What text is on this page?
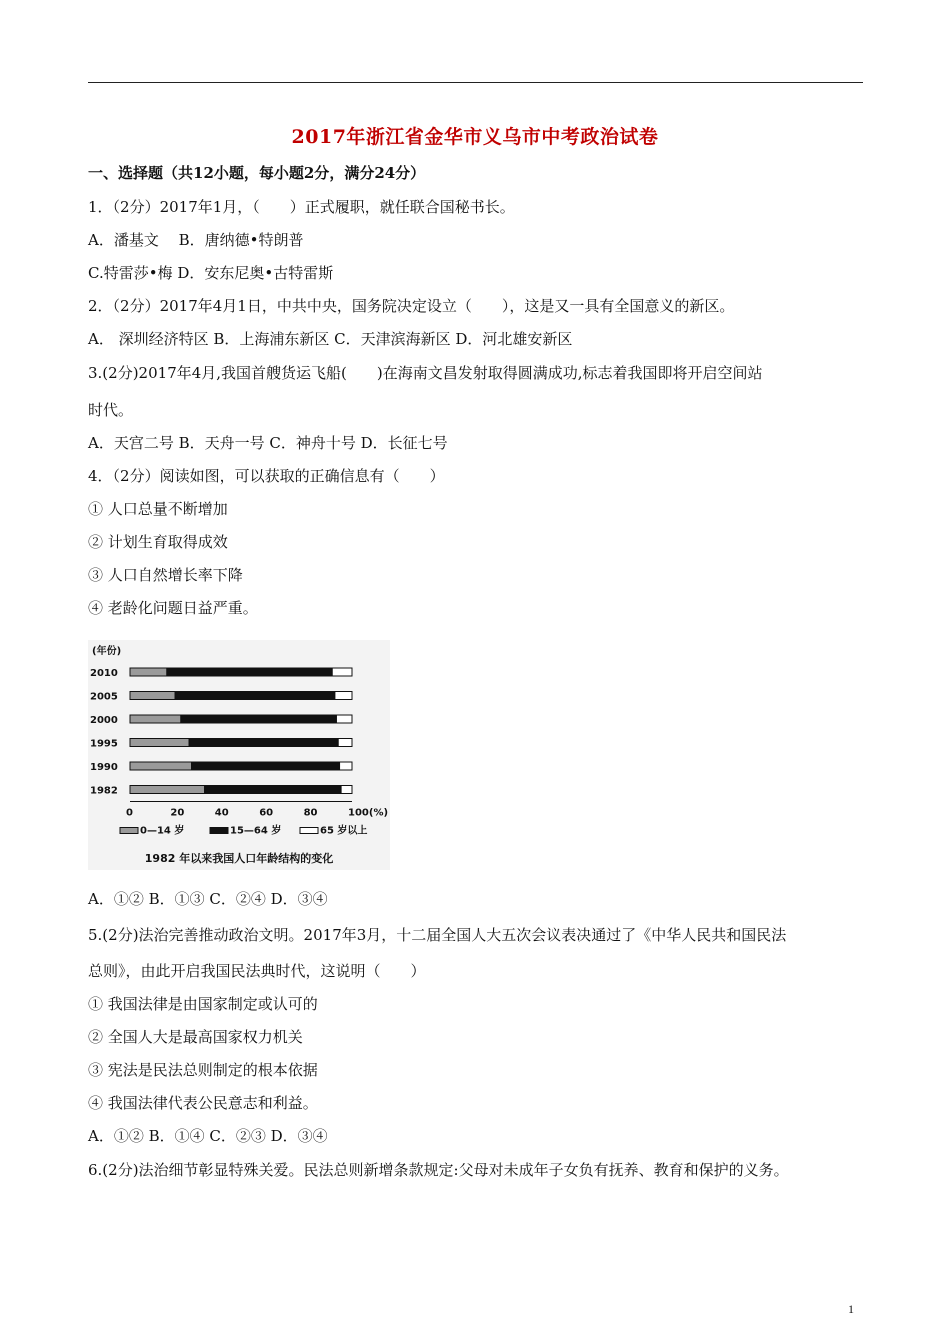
2017年浙江省金华市义乌市中考政治试卷
一、选择题（共12小题，每小题2分，满分24分）
1．（2分）2017年1月，（　　）正式履职，就任联合国秘书长。
A．潘基文　 B．唐纳德•特朗普
C.特雷莎•梅 D．安东尼奥•古特雷斯
2．（2分）2017年4月1日，中共中央，国务院决定设立（　　），这是又一具有全国意义的新区。
A． 深圳经济特区 B．上海浦东新区 C．天津滨海新区 D．河北雄安新区
3.(2分)2017年4月,我国首艘货运飞船(　　)在海南文昌发射取得圆满成功,标志着我国即将开启空间站
时代。
A．天宫二号 B．天舟一号 C．神舟十号 D．长征七号
4．（2分）阅读如图，可以获取的正确信息有（　　）
① 人口总量不断增加
② 计划生育取得成效
③ 人口自然增长率下降
④ 老龄化问题日益严重。
(年份)
2010
2005
2000
1995
1990
1982
0	20	40	60	80	100(%)
0—14 岁	15—64 岁	65 岁以上
1982 年以来我国人口年龄结构的变化
A．①② B．①③ C．②④ D．③④
5.(2分)法治完善推动政治文明。2017年3月，十二届全国人大五次会议表决通过了《中华人民共和国民法
总则》，由此开启我国民法典时代，这说明（　　）
① 我国法律是由国家制定或认可的
② 全国人大是最高国家权力机关
③ 宪法是民法总则制定的根本依据
④ 我国法律代表公民意志和利益。
A．①② B．①④ C．②③ D．③④
6.(2分)法治细节彰显特殊关爱。民法总则新增条款规定:父母对未成年子女负有抚养、教育和保护的义务。
1
